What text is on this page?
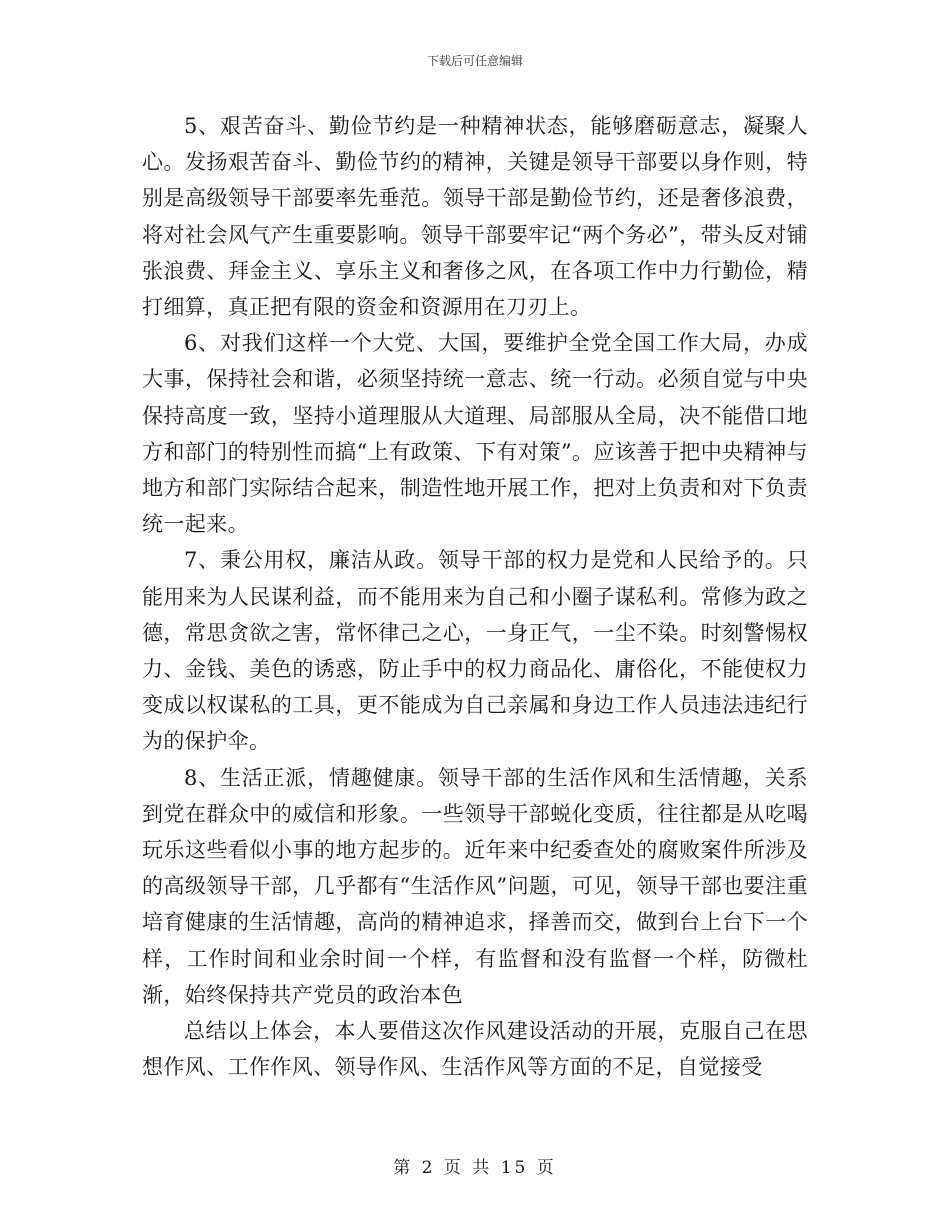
下载后可任意编辑

5、艰苦奋斗、勤俭节约是一种精神状态，能够磨砺意志，凝聚人心。发扬艰苦奋斗、勤俭节约的精神，关键是领导干部要以身作则，特别是高级领导干部要率先垂范。领导干部是勤俭节约，还是奢侈浪费，将对社会风气产生重要影响。领导干部要牢记“两个务必”，带头反对铺张浪费、拜金主义、享乐主义和奢侈之风，在各项工作中力行勤俭，精打细算，真正把有限的资金和资源用在刀刃上。

6、对我们这样一个大党、大国，要维护全党全国工作大局，办成大事，保持社会和谐，必须坚持统一意志、统一行动。必须自觉与中央保持高度一致，坚持小道理服从大道理、局部服从全局，决不能借口地方和部门的特别性而搞“上有政策、下有对策”。应该善于把中央精神与地方和部门实际结合起来，制造性地开展工作，把对上负责和对下负责统一起来。

7、秉公用权，廉洁从政。领导干部的权力是党和人民给予的。只能用来为人民谋利益，而不能用来为自己和小圈子谋私利。常修为政之德，常思贪欲之害，常怀律己之心，一身正气，一尘不染。时刻警惕权力、金钱、美色的诱惑，防止手中的权力商品化、庸俗化，不能使权力变成以权谋私的工具，更不能成为自己亲属和身边工作人员违法违纪行为的保护伞。

8、生活正派，情趣健康。领导干部的生活作风和生活情趣，关系到党在群众中的威信和形象。一些领导干部蜕化变质，往往都是从吃喝玩乐这些看似小事的地方起步的。近年来中纪委查处的腐败案件所涉及的高级领导干部，几乎都有“生活作风”问题，可见，领导干部也要注重培育健康的生活情趣，高尚的精神追求，择善而交，做到台上台下一个样，工作时间和业余时间一个样，有监督和没有监督一个样，防微杜渐，始终保持共产党员的政治本色

总结以上体会，本人要借这次作风建设活动的开展，克服自己在思想作风、工作作风、领导作风、生活作风等方面的不足，自觉接受

第 2 页 共 15 页
